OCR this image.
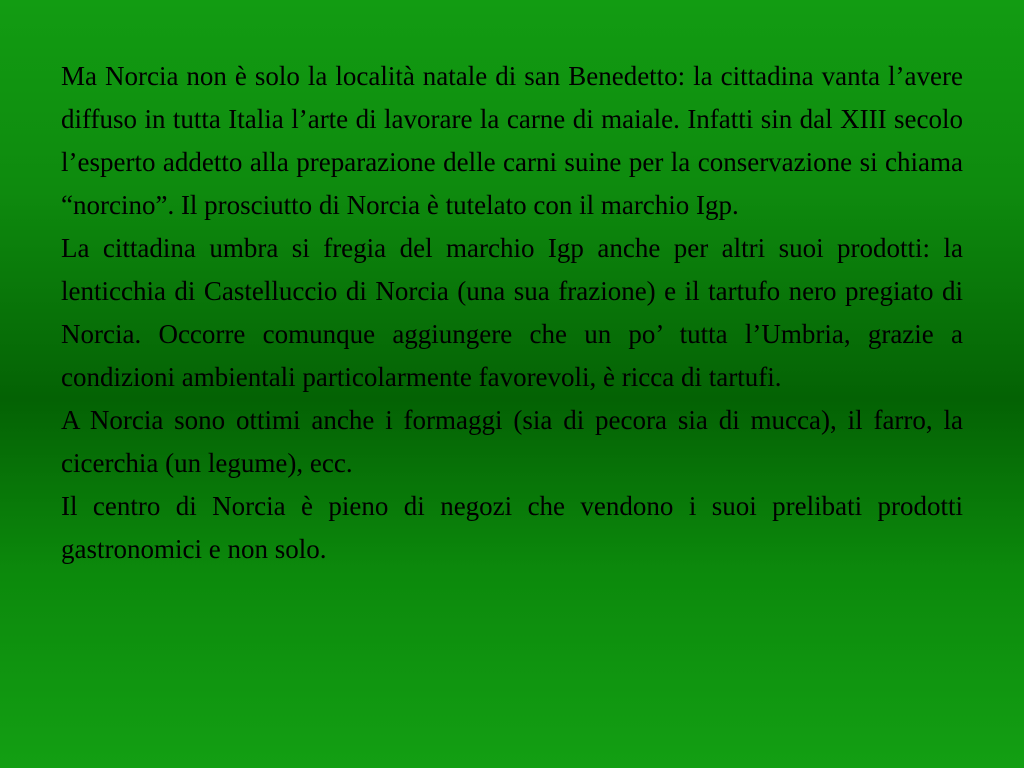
Ma Norcia non è solo la località natale di san Benedetto: la cittadina vanta l’avere diffuso in tutta Italia l’arte di lavorare la carne di maiale. Infatti sin dal XIII secolo l’esperto addetto alla preparazione delle carni suine per la conservazione si chiama “norcino”. Il prosciutto di Norcia è tutelato con il marchio Igp.

La cittadina umbra si fregia del marchio Igp anche per altri suoi prodotti: la lenticchia di Castelluccio di Norcia (una sua frazione) e il tartufo nero pregiato di Norcia. Occorre comunque aggiungere che un po’ tutta l’Umbria, grazie a condizioni ambientali particolarmente favorevoli, è ricca di tartufi.

A Norcia sono ottimi anche i formaggi (sia di pecora sia di mucca), il farro, la cicerchia (un legume), ecc.

Il centro di Norcia è pieno di negozi che vendono i suoi prelibati prodotti gastronomici e non solo.
